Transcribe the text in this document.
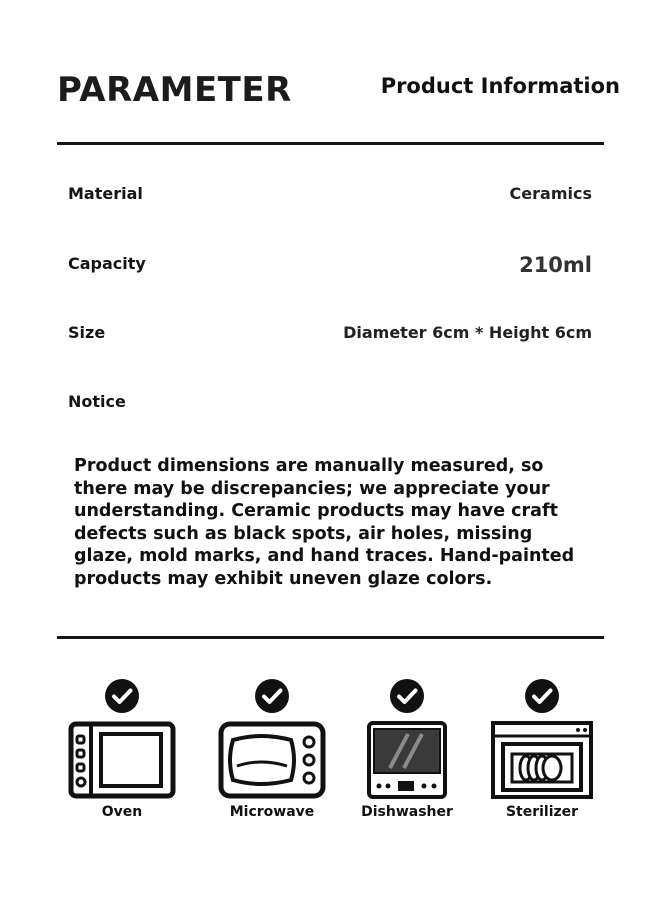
PARAMETER	Product Information
Material	Ceramics
Capacity	210ml
Size	Diameter 6cm * Height 6cm
Notice
Product dimensions are manually measured, so there may be discrepancies; we appreciate your understanding. Ceramic products may have craft defects such as black spots, air holes, missing glaze, mold marks, and hand traces. Hand-painted products may exhibit uneven glaze colors.
Oven	Microwave	Dishwasher	Sterilizer
